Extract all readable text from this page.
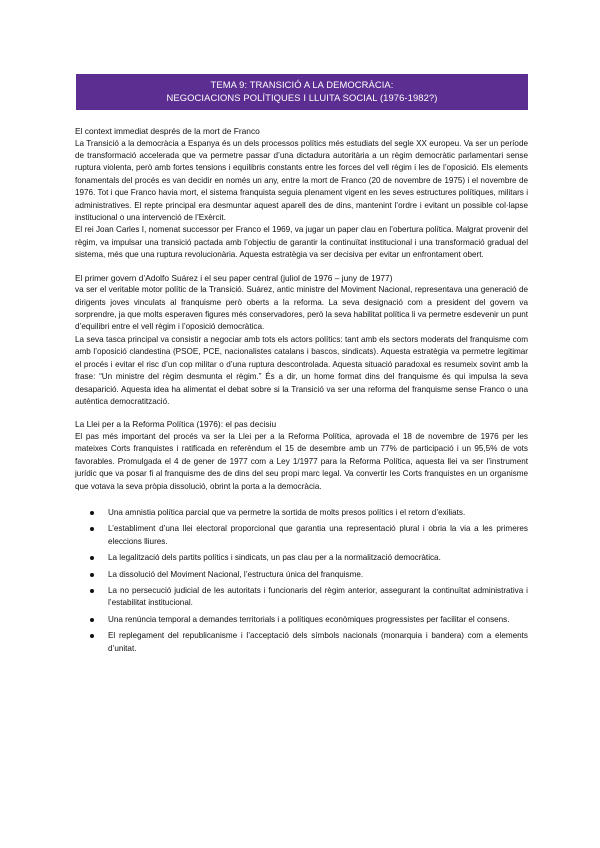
TEMA 9: TRANSICIÓ A LA DEMOCRÀCIA:
NEGOCIACIONS POLÍTIQUES I LLUITA SOCIAL (1976-1982?)
El context immediat després de la mort de Franco

La Transició a la democràcia a Espanya és un dels processos polítics més estudiats del segle XX europeu. Va ser un període de transformació accelerada que va permetre passar d’una dictadura autoritària a un règim democràtic parlamentari sense ruptura violenta, però amb fortes tensions i equilibris constants entre les forces del vell règim i les de l’oposició. Els elements fonamentals del procés es van decidir en només un any, entre la mort de Franco (20 de novembre de 1975) i el novembre de 1976. Tot i que Franco havia mort, el sistema franquista seguia plenament vigent en les seves estructures polítiques, militars i administratives. El repte principal era desmuntar aquest aparell des de dins, mantenint l’ordre i evitant un possible col·lapse institucional o una intervenció de l’Exèrcit.

El rei Joan Carles I, nomenat successor per Franco el 1969, va jugar un paper clau en l’obertura política. Malgrat provenir del règim, va impulsar una transició pactada amb l’objectiu de garantir la continuïtat institucional i una transformació gradual del sistema, més que una ruptura revolucionària. Aquesta estratègia va ser decisiva per evitar un enfrontament obert.

El primer govern d’Adolfo Suárez i el seu paper central (juliol de 1976 – juny de 1977)

va ser el veritable motor polític de la Transició. Suárez, antic ministre del Moviment Nacional, representava una generació de dirigents joves vinculats al franquisme però oberts a la reforma. La seva designació com a president del govern va sorprendre, ja que molts esperaven figures més conservadores, però la seva habilitat política li va permetre esdevenir un punt d’equilibri entre el vell règim i l’oposició democràtica.

La seva tasca principal va consistir a negociar amb tots els actors polítics: tant amb els sectors moderats del franquisme com amb l’oposició clandestina (PSOE, PCE, nacionalistes catalans i bascos, sindicats). Aquesta estratègia va permetre legitimar el procés i evitar el risc d’un cop militar o d’una ruptura descontrolada. Aquesta situació paradoxal es resumeix sovint amb la frase: “Un ministre del règim desmunta el règim.” És a dir, un home format dins del franquisme és qui impulsa la seva desaparició. Aquesta idea ha alimentat el debat sobre si la Transició va ser una reforma del franquisme sense Franco o una autèntica democratització.

La Llei per a la Reforma Política (1976): el pas decisiu

El pas més important del procés va ser la Llei per a la Reforma Política, aprovada el 18 de novembre de 1976 per les mateixes Corts franquistes i ratificada en referèndum el 15 de desembre amb un 77% de participació i un 95,5% de vots favorables. Promulgada el 4 de gener de 1977 com a Ley 1/1977 para la Reforma Política, aquesta llei va ser l’instrument jurídic que va posar fi al franquisme des de dins del seu propi marc legal. Va convertir les Corts franquistes en un organisme que votava la seva pròpia dissolució, obrint la porta a la democràcia.

Una amnistia política parcial que va permetre la sortida de molts presos polítics i el retorn d’exiliats.
L’establiment d’una llei electoral proporcional que garantia una representació plural i obria la via a les primeres eleccions lliures.
La legalització dels partits polítics i sindicats, un pas clau per a la normalització democràtica.
La dissolució del Moviment Nacional, l’estructura única del franquisme.
La no persecució judicial de les autoritats i funcionaris del règim anterior, assegurant la continuïtat administrativa i l’estabilitat institucional.
Una renúncia temporal a demandes territorials i a polítiques econòmiques progressistes per facilitar el consens.
El replegament del republicanisme i l’acceptació dels símbols nacionals (monarquia i bandera) com a elements d’unitat.
